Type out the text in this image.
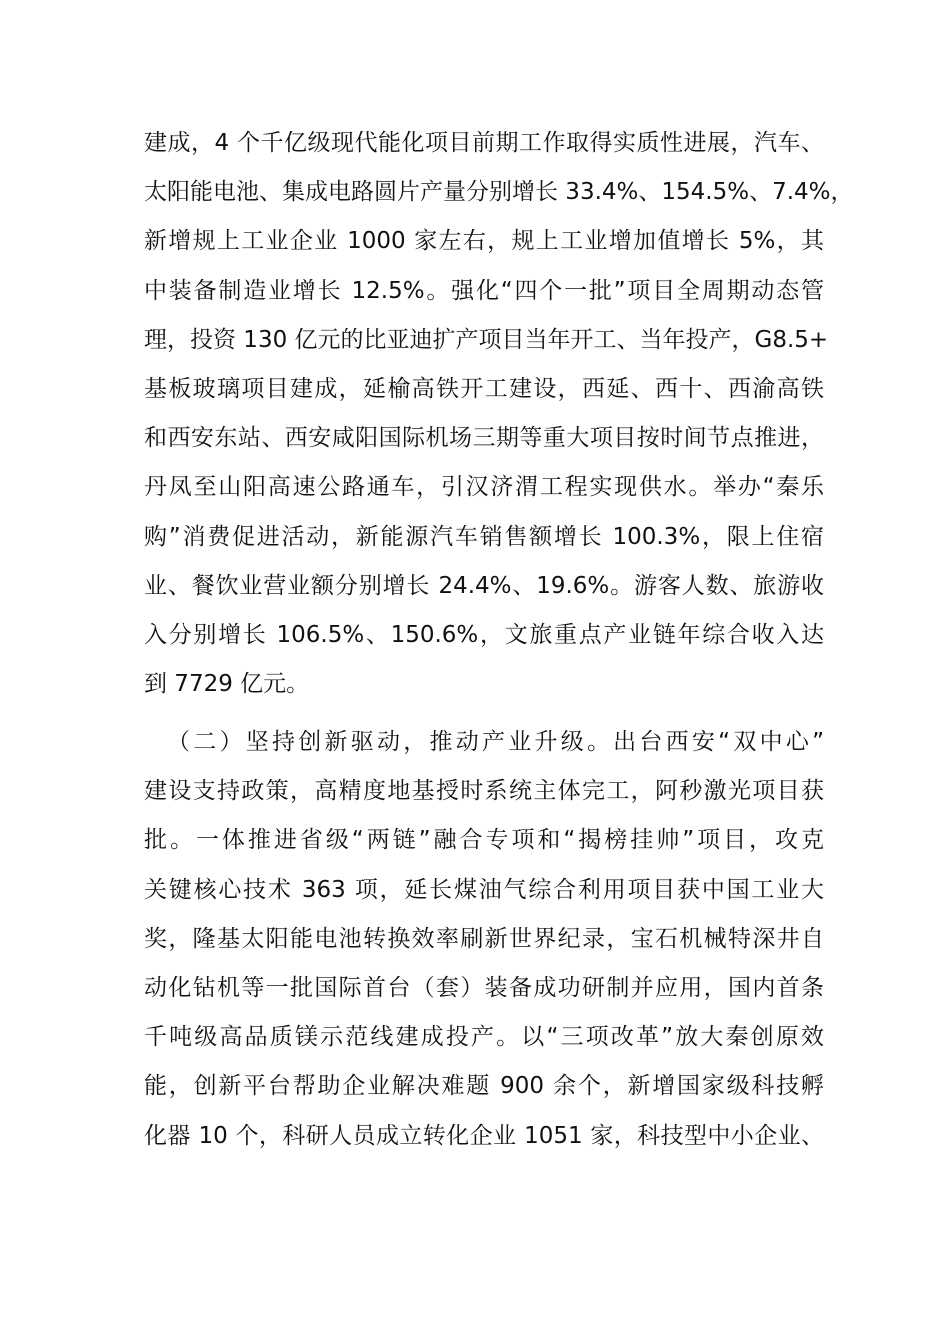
建成，4 个千亿级现代能化项目前期工作取得实质性进展，汽车、
太阳能电池、集成电路圆片产量分别增长 33.4%、154.5%、7.4%，
新增规上工业企业 1000 家左右，规上工业增加值增长 5%，其
中装备制造业增长 12.5%。强化“四个一批”项目全周期动态管
理，投资 130 亿元的比亚迪扩产项目当年开工、当年投产，G8.5+
基板玻璃项目建成，延榆高铁开工建设，西延、西十、西渝高铁
和西安东站、西安咸阳国际机场三期等重大项目按时间节点推进，
丹凤至山阳高速公路通车，引汉济渭工程实现供水。举办“秦乐
购”消费促进活动，新能源汽车销售额增长 100.3%，限上住宿
业、餐饮业营业额分别增长 24.4%、19.6%。游客人数、旅游收
入分别增长 106.5%、150.6%，文旅重点产业链年综合收入达
到 7729 亿元。
（二）坚持创新驱动，推动产业升级。出台西安“双中心”
建设支持政策，高精度地基授时系统主体完工，阿秒激光项目获
批。一体推进省级“两链”融合专项和“揭榜挂帅”项目，攻克
关键核心技术 363 项，延长煤油气综合利用项目获中国工业大
奖，隆基太阳能电池转换效率刷新世界纪录，宝石机械特深井自
动化钻机等一批国际首台（套）装备成功研制并应用，国内首条
千吨级高品质镁示范线建成投产。以“三项改革”放大秦创原效
能，创新平台帮助企业解决难题 900 余个，新增国家级科技孵
化器 10 个，科研人员成立转化企业 1051 家，科技型中小企业、
